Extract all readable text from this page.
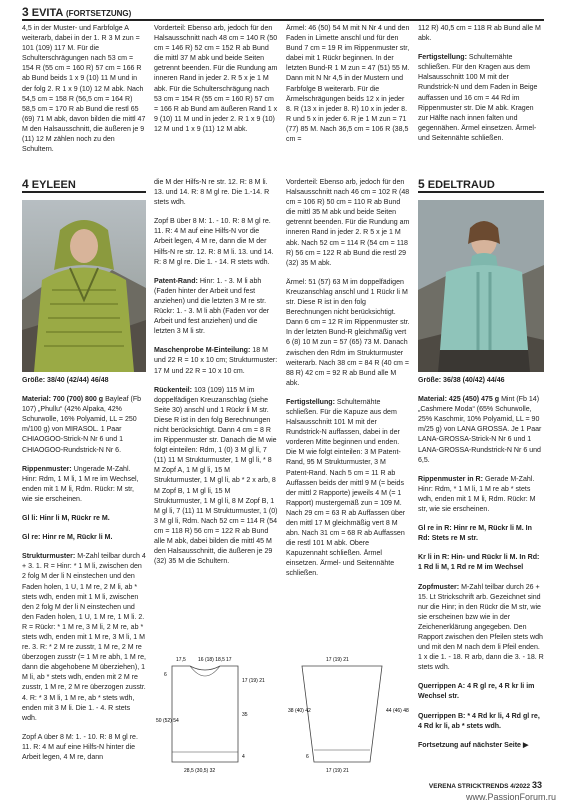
3 EVITA (FORTSETZUNG)

4,5 in der Muster- und Farbfolge A weiterarb, dabei in der 1. R 3 M zun = 101 (109) 117 M. Für die Schulterschrägungen nach 53 cm = 154 R (55 cm = 160 R) 57 cm = 166 R ab Bund beids 1 x 9 (10) 11 M und in der folg 2. R 1 x 9 (10) 12 M abk. Nach 54,5 cm = 158 R (56,5 cm = 164 R) 58,5 cm = 170 R ab Bund die restl 65 (69) 71 M abk, davon bilden die mittl 47 M den Halsausschnitt, die äußeren je 9 (11) 12 M zählen noch zu den Schultern.

Vorderteil: Ebenso arb, jedoch für den Halsausschnitt nach 48 cm = 140 R (50 cm = 146 R) 52 cm = 152 R ab Bund die mittl 37 M abk und beide Seiten getrennt beenden. Für die Rundung am inneren Rand in jeder 2. R 5 x je 1 M abk. Für die Schulterschrägung nach 53 cm = 154 R (55 cm = 160 R) 57 cm = 166 R ab Bund am äußeren Rand 1 x 9 (10) 11 M und in jeder 2. R 1 x 9 (10) 12 M und 1 x 9 (11) 12 M abk.

Ärmel: 46 (50) 54 M mit N Nr 4 und den Faden in Limette anschl und für den Bund 7 cm = 19 R im Rippenmuster str, dabei mit 1 Rückr beginnen. In der letzten Bund-R 1 M zun = 47 (51) 55 M. Dann mit N Nr 4,5 in der Mustern und Farbfolge B weiterarb. Für die Ärmelschrägungen beids 12 x in jeder 8. R (13 x in jeder 8. R) 10 x in jeder 8. R und 5 x in jeder 6. R je 1 M zun = 71 (77) 85 M. Nach 36,5 cm = 106 R (38,5 cm =

112 R) 40,5 cm = 118 R ab Bund alle M abk.

Fertigstellung: Schulternähte schließen. Für den Kragen aus dem Halsausschnitt 100 M mit der Rundstrick-N und dem Faden in Beige auffassen und 16 cm = 44 Rd im Rippenmuster str. Die M abk. Kragen zur Hälfte nach innen falten und gegennähen. Ärmel einsetzen. Ärmel- und Seitennähte schließen.

4 EYLEEN

Größe: 38/40 (42/44) 46/48

Material: 700 (700) 800 g Bayleaf (Fb 107) „Phullu“ (42% Alpaka, 42% Schurwolle, 16% Polyamid, LL = 250 m/100 g) von MIRASOL. 1 Paar CHIAOGOO-Strick-N Nr 6 und 1 CHIAOGOO-Rundstrick-N Nr 6.

Rippenmuster: Ungerade M-Zahl. Hinr: Rdm, 1 M li, 1 M re im Wechsel, enden mit 1 M li, Rdm. Rückr: M str, wie sie erscheinen.

Gl li: Hinr li M, Rückr re M.

Gl re: Hinr re M, Rückr li M.

Strukturmuster: M-Zahl teilbar durch 4 + 3. 1. R = Hinr: * 1 M li, zwischen den 2 folg M der li N einstechen und den Faden holen, 1 U, 1 M re, 2 M li, ab * stets wdh, enden mit 1 M li, zwischen den 2 folg M der li N einstechen und den Faden holen, 1 U, 1 M re, 1 M li. 2. R = Rückr: * 1 M re, 3 M li, 2 M re, ab * stets wdh, enden mit 1 M re, 3 M li, 1 M re. 3. R: * 2 M re zusstr, 1 M re, 2 M re überzogen zusstr (= 1 M re abh, 1 M re, dann die abgehobene M überziehen), 1 M li, ab * stets wdh, enden mit 2 M re zusstr, 1 M re, 2 M re überzogen zusstr. 4. R: * 3 M li, 1 M re, ab * stets wdh, enden mit 3 M li. Die 1. - 4. R stets wdh.

Zopf A über 8 M: 1. - 10. R: 8 M gl re. 11. R: 4 M auf eine Hilfs-N hinter die Arbeit legen, 4 M re, dann

die M der Hilfs-N re str. 12. R: 8 M li. 13. und 14. R: 8 M gl re. Die 1.-14. R stets wdh.

Zopf B über 8 M: 1. - 10. R: 8 M gl re. 11. R: 4 M auf eine Hilfs-N vor die Arbeit legen, 4 M re, dann die M der Hilfs-N re str. 12. R: 8 M li. 13. und 14. R: 8 M gl re. Die 1. - 14. R stets wdh.

Patent-Rand: Hinr: 1. - 3. M li abh (Faden hinter der Arbeit und fest anziehen) und die letzten 3 M re str. Rückr: 1. - 3. M li abh (Faden vor der Arbeit und fest anziehen) und die letzten 3 M li str.

Maschenprobe M-Einteilung: 18 M und 22 R = 10 x 10 cm; Strukturmuster: 17 M und 22 R = 10 x 10 cm.

Rückenteil: 103 (109) 115 M im doppelfädigen Kreuzanschlag (siehe Seite 30) anschl und 1 Rückr li M str. Diese R ist in den folg Berechnungen nicht berücksichtigt. Dann 4 cm = 8 R im Rippenmuster str. Danach die M wie folgt einteilen: Rdm, 1 (0) 3 M gl li, 7 (11) 11 M Strukturmuster, 1 M gl li, * 8 M Zopf A, 1 M gl li, 15 M Strukturmuster, 1 M gl li, ab * 2 x arb, 8 M Zopf B, 1 M gl li, 15 M Strukturmuster, 1 M gl li, 8 M Zopf B, 1 M gl li, 7 (11) 11 M Strukturmuster, 1 (0) 3 M gl li, Rdm. Nach 52 cm = 114 R (54 cm = 118 R) 56 cm = 122 R ab Bund alle M abk, dabei bilden die mittl 45 M den Halsausschnitt, die äußeren je 29 (32) 35 M die Schultern.

Vorderteil: Ebenso arb, jedoch für den Halsausschnitt nach 46 cm = 102 R (48 cm = 106 R) 50 cm = 110 R ab Bund die mittl 35 M abk und beide Seiten getrennt beenden. Für die Rundung am inneren Rand in jeder 2. R 5 x je 1 M abk. Nach 52 cm = 114 R (54 cm = 118 R) 56 cm = 122 R ab Bund die restl 29 (32) 35 M abk.

Ärmel: 51 (57) 63 M im doppelfädigen Kreuzanschlag anschl und 1 Rückr li M str. Diese R ist in den folg Berechnungen nicht berücksichtigt. Dann 6 cm = 12 R im Rippenmuster str. In der letzten Bund-R gleichmäßig vert 6 (8) 10 M zun = 57 (65) 73 M. Danach zwischen den Rdm im Strukturmuster weiterarb. Nach 38 cm = 84 R (40 cm = 88 R) 42 cm = 92 R ab Bund alle M abk.

Fertigstellung: Schulternähte schließen. Für die Kapuze aus dem Halsausschnitt 101 M mit der Rundstrick-N auffassen, dabei in der vorderen Mitte beginnen und enden. Die M wie folgt einteilen: 3 M Patent-Rand, 95 M Strukturmuster, 3 M Patent-Rand. Nach 5 cm = 11 R ab Auffassen beids der mittl 9 M (= beids der mittl 2 Rapporte) jeweils 4 M (= 1 Rapport) mustergemäß zun = 109 M. Nach 29 cm = 63 R ab Auffassen über den mittl 17 M gleichmäßig vert 8 M abn. Nach 31 cm = 68 R ab Auffassen die restl 101 M abk. Obere Kapuzennaht schließen. Ärmel einsetzen. Ärmel- und Seitennähte schließen.

17,5 16 (18) 18,5 17
6
17 (19) 21
35
50 (52) 54
4
28,5 (30,5) 32
17 (19) 21
38 (40) 42	44 (46) 48
6
17 (19) 21
5 EDELTRAUD

Größe: 36/38 (40/42) 44/46

Material: 425 (450) 475 g Mint (Fb 14) „Cashmere Moda“ (65% Schurwolle, 25% Kaschmir, 10% Polyamid, LL = 90 m/25 g) von LANA GROSSA. Je 1 Paar LANA-GROSSA-Strick-N Nr 6 und 1 LANA-GROSSA-Rundstrick-N Nr 6 und 6,5.

Rippenmuster in R: Gerade M-Zahl. Hinr: Rdm, * 1 M li, 1 M re ab * stets wdh, enden mit 1 M li, Rdm. Rückr: M str, wie sie erscheinen.

Gl re in R: Hinr re M, Rückr li M. In Rd: Stets re M str.

Kr li in R: Hin- und Rückr li M. In Rd: 1 Rd li M, 1 Rd re M im Wechsel

Zopfmuster: M-Zahl teilbar durch 26 + 15. Lt Strickschrift arb. Gezeichnet sind nur die Hinr; in den Rückr die M str, wie sie erscheinen bzw wie in der Zeichenerklärung angegeben. Den Rapport zwischen den Pfeilen stets wdh und mit den M nach dem li Pfeil enden. 1 x die 1. - 18. R arb, dann die 3. - 18. R stets wdh.

Querrippen A: 4 R gl re, 4 R kr li im Wechsel str.

Querrippen B: * 4 Rd kr li, 4 Rd gl re, 4 Rd kr li, ab * stets wdh.

Fortsetzung auf nächster Seite ▶

VERENA STRICKTRENDS 4/2022 33
www.PassionForum.ru
